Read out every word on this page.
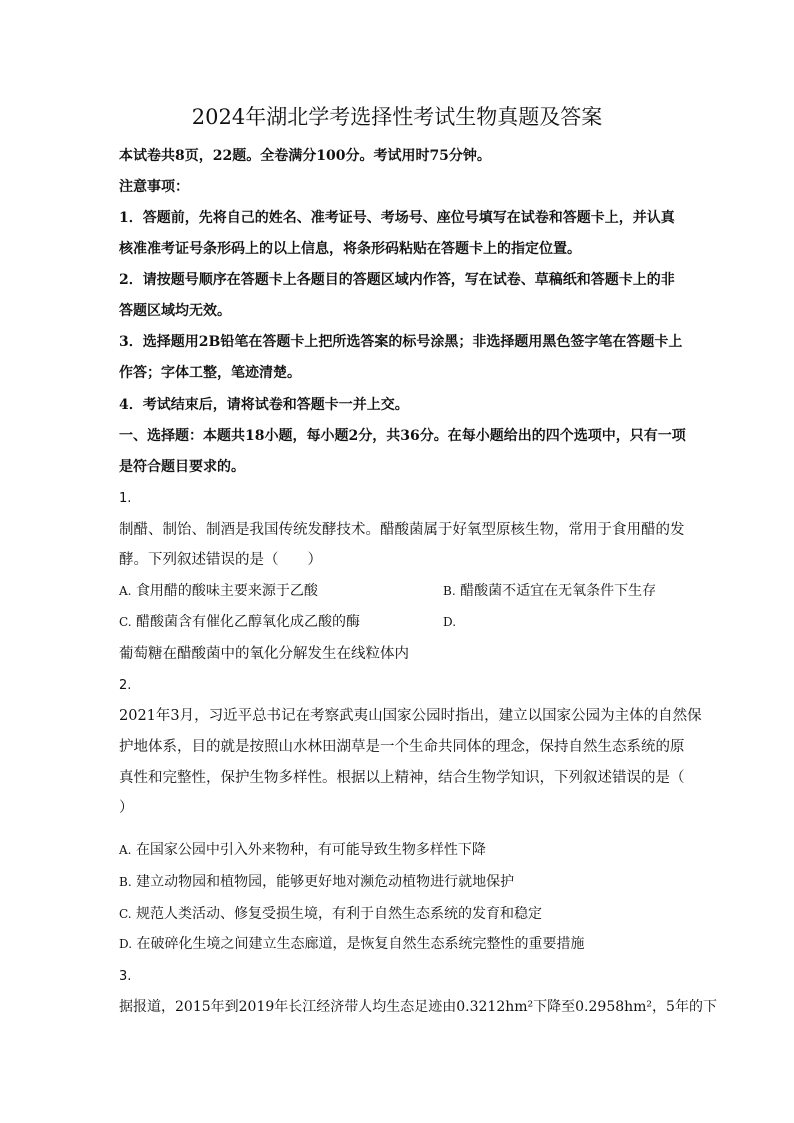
2024年湖北学考选择性考试生物真题及答案
本试卷共8页，22题。全卷满分100分。考试用时75分钟。
注意事项：
1．答题前，先将自己的姓名、准考证号、考场号、座位号填写在试卷和答题卡上，并认真
核准准考证号条形码上的以上信息，将条形码粘贴在答题卡上的指定位置。
2．请按题号顺序在答题卡上各题目的答题区域内作答，写在试卷、草稿纸和答题卡上的非
答题区域均无效。
3．选择题用2B铅笔在答题卡上把所选答案的标号涂黑；非选择题用黑色签字笔在答题卡上
作答；字体工整，笔迹清楚。
4．考试结束后，请将试卷和答题卡一并上交。
一、选择题：本题共18小题，每小题2分，共36分。在每小题给出的四个选项中，只有一项
是符合题目要求的。
1.
制醋、制饴、制酒是我国传统发酵技术。醋酸菌属于好氧型原核生物，常用于食用醋的发
酵。下列叙述错误的是（　　）
A. 食用醋的酸味主要来源于乙酸	B. 醋酸菌不适宜在无氧条件下生存
C. 醋酸菌含有催化乙醇氧化成乙酸的酶	D.
葡萄糖在醋酸菌中的氧化分解发生在线粒体内
2.
2021年3月，习近平总书记在考察武夷山国家公园时指出，建立以国家公园为主体的自然保
护地体系，目的就是按照山水林田湖草是一个生命共同体的理念，保持自然生态系统的原
真性和完整性，保护生物多样性。根据以上精神，结合生物学知识，下列叙述错误的是（
）
A. 在国家公园中引入外来物种，有可能导致生物多样性下降
B. 建立动物园和植物园，能够更好地对濒危动植物进行就地保护
C. 规范人类活动、修复受损生境，有利于自然生态系统的发育和稳定
D. 在破碎化生境之间建立生态廊道，是恢复自然生态系统完整性的重要措施
3.
据报道，2015年到2019年长江经济带人均生态足迹由0.3212hm²下降至0.2958hm²，5年的下
